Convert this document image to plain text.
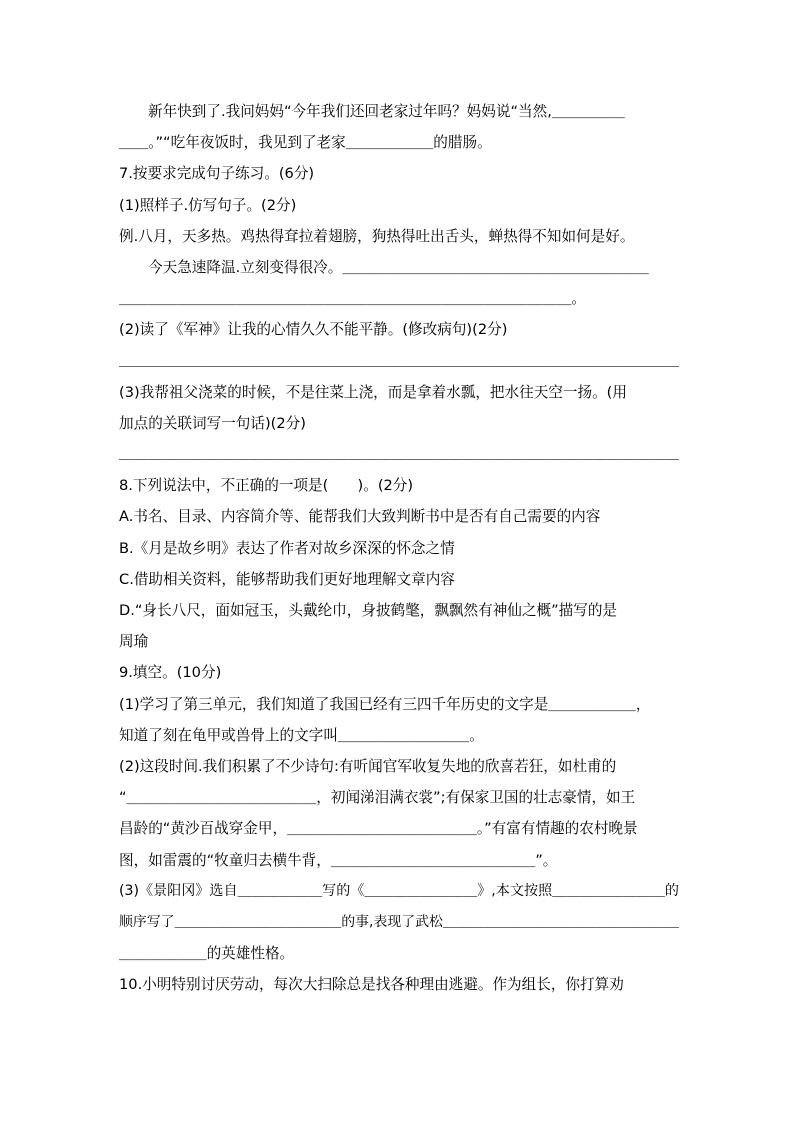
新年快到了.我问妈妈“今年我们还回老家过年吗？妈妈说“当然,＿＿＿＿＿
＿＿。”“吃年夜饭时，我见到了老家＿＿＿＿＿＿的腊肠。
7.按要求完成句子练习。(6分)
(1)照样子.仿写句子。(2分)
例.八月，天多热。鸡热得耷拉着翅膀，狗热得吐出舌头，蝉热得不知如何是好。
今天急速降温.立刻变得很冷。＿＿＿＿＿＿＿＿＿＿＿＿＿＿＿＿＿＿＿＿＿
＿＿＿＿＿＿＿＿＿＿＿＿＿＿＿＿＿＿＿＿＿＿＿＿＿＿＿＿＿＿＿。
(2)读了《军神》让我的心情久久不能平静。(修改病句)(2分)
＿＿＿＿＿＿＿＿＿＿＿＿＿＿＿＿＿＿＿＿＿＿＿＿＿＿＿＿＿＿＿＿＿＿＿＿＿＿＿
(3)我帮祖父浇菜的时候，不是往菜上浇，而是拿着水瓢，把水往天空一扬。(用
加点的关联词写一句话)(2分)
＿＿＿＿＿＿＿＿＿＿＿＿＿＿＿＿＿＿＿＿＿＿＿＿＿＿＿＿＿＿＿＿＿＿＿＿＿＿＿
8.下列说法中，不正确的一项是(　　)。(2分)
A.书名、目录、内容简介等、能帮我们大致判断书中是否有自己需要的内容
B.《月是故乡明》表达了作者对故乡深深的怀念之情
C.借助相关资料，能够帮助我们更好地理解文章内容
D.“身长八尺，面如冠玉，头戴纶巾，身披鹤氅，飘飘然有神仙之概”描写的是
周瑜
9.填空。(10分)
(1)学习了第三单元，我们知道了我国已经有三四千年历史的文字是＿＿＿＿＿＿，
知道了刻在龟甲或兽骨上的文字叫＿＿＿＿＿＿＿＿＿。
(2)这段时间.我们积累了不少诗句:有听闻官军收复失地的欣喜若狂，如杜甫的
“＿＿＿＿＿＿＿＿＿＿＿＿＿，初闻涕泪满衣裳”;有保家卫国的壮志豪情，如王
昌龄的“黄沙百战穿金甲，＿＿＿＿＿＿＿＿＿＿＿＿＿。”有富有情趣的农村晚景
图，如雷震的“牧童归去横牛背，＿＿＿＿＿＿＿＿＿＿＿＿＿＿”。
(3)《景阳冈》选自＿＿＿＿＿＿写的《＿＿＿＿＿＿＿＿》,本文按照＿＿＿＿＿＿＿＿的
顺序写了＿＿＿＿＿＿＿＿＿＿＿＿的事,表现了武松＿＿＿＿＿＿＿＿＿＿＿＿＿＿＿＿＿
＿＿＿＿＿＿的英雄性格。
10.小明特别讨厌劳动，每次大扫除总是找各种理由逃避。作为组长，你打算劝
